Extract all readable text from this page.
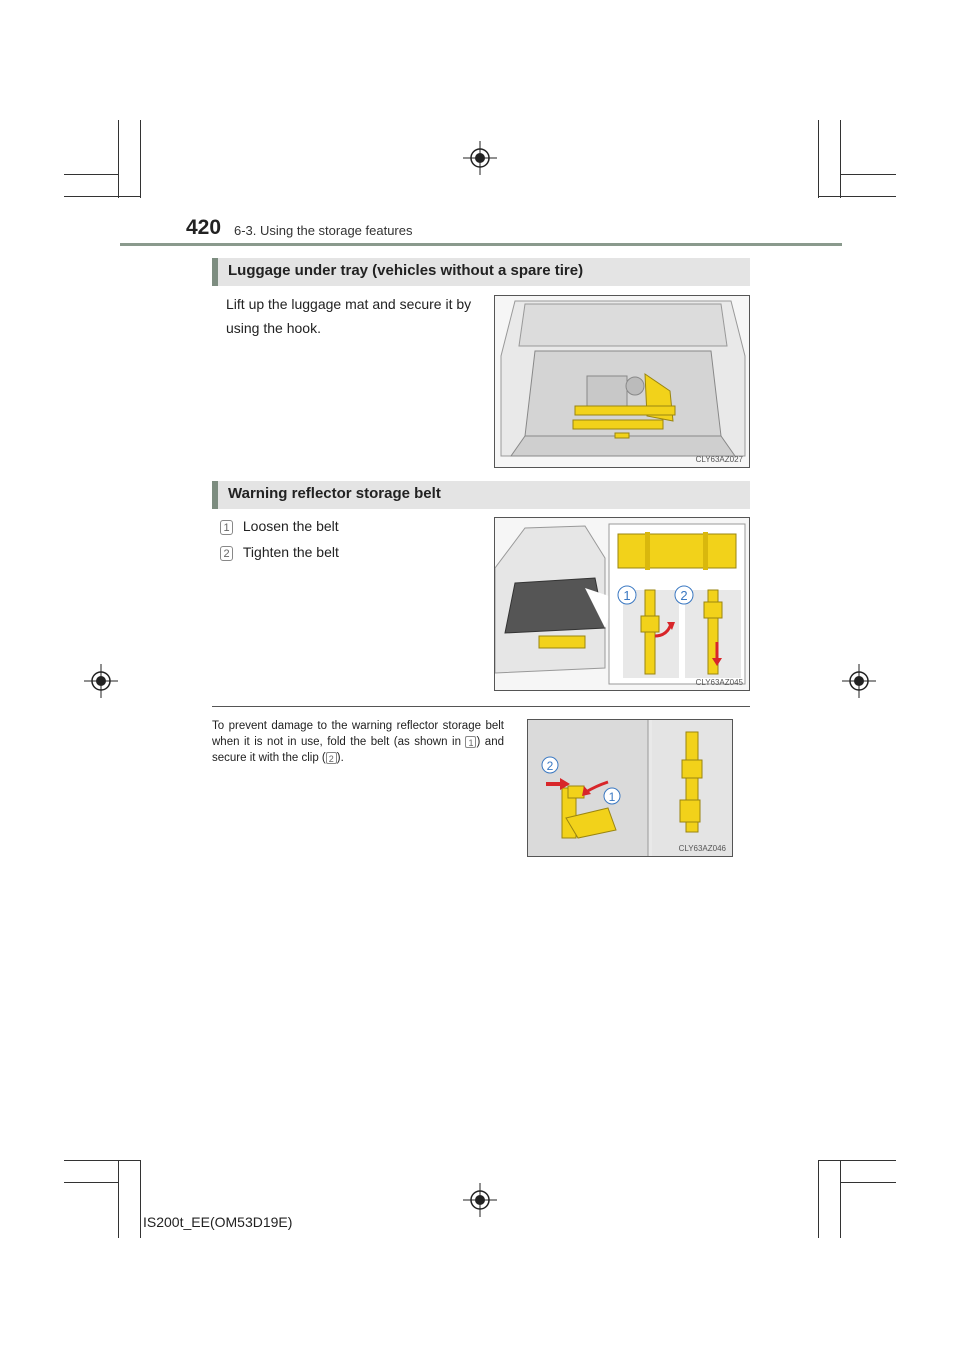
420 6-3. Using the storage features
Luggage under tray (vehicles without a spare tire)
Lift up the luggage mat and secure it by using the hook.
CLY63AZ027
Warning reflector storage belt
1 Loosen the belt
2 Tighten the belt
1	2
CLY63AZ045
To prevent damage to the warning reflector storage belt when it is not in use, fold the belt (as shown in 1 ) and secure it with the clip ( 2 ).
2
1
CLY63AZ046
IS200t_EE(OM53D19E)
